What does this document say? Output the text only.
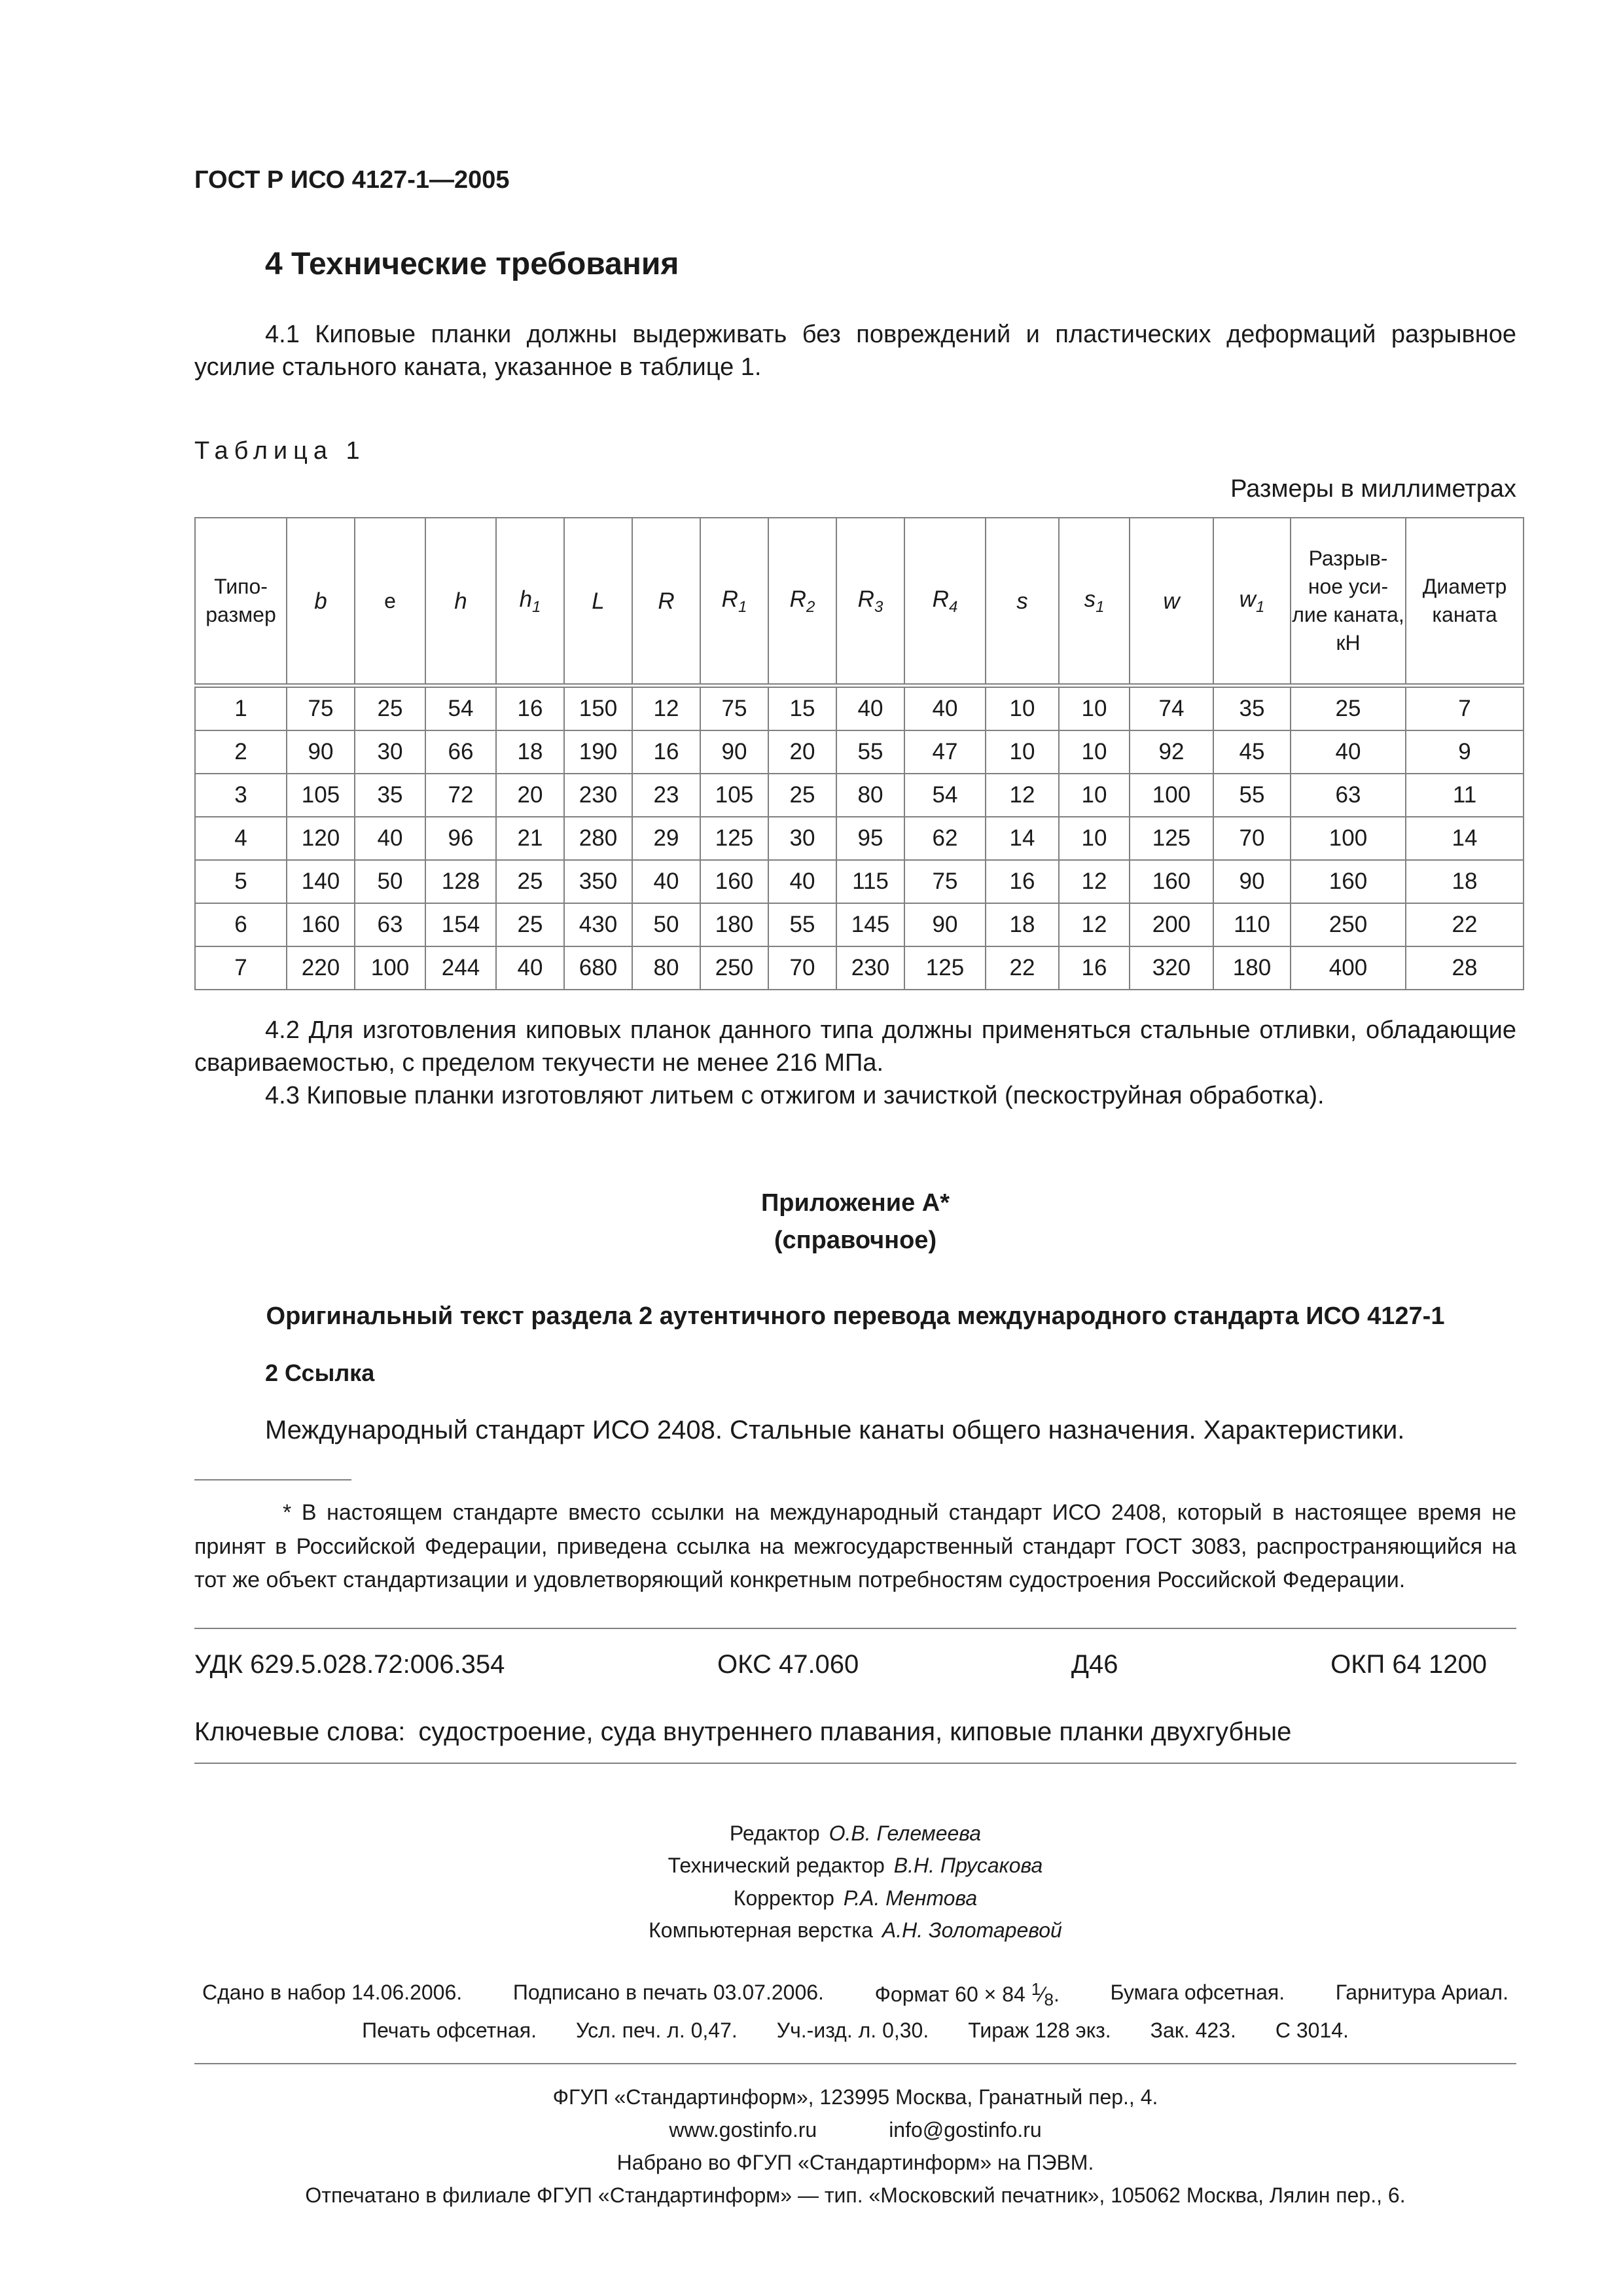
ГОСТ Р ИСО 4127-1—2005
4 Технические требования

4.1 Киповые планки должны выдерживать без повреждений и пластических деформаций разрывное усилие стального каната, указанное в таблице 1.

Таблица 1
Размеры в миллиметрах
Типо-размер	b	e	h	$h_1$	L	R	$R_1$	$R_2$	$R_3$	$R_4$	s	$s_1$	w	$w_1$	Разрыв-ное уси-лие каната, кН	Диаметр каната
1	75	25	54	16	150	12	75	15	40	40	10	10	74	35	25	7
2	90	30	66	18	190	16	90	20	55	47	10	10	92	45	40	9
3	105	35	72	20	230	23	105	25	80	54	12	10	100	55	63	11
4	120	40	96	21	280	29	125	30	95	62	14	10	125	70	100	14
5	140	50	128	25	350	40	160	40	115	75	16	12	160	90	160	18
6	160	63	154	25	430	50	180	55	145	90	18	12	200	110	250	22
7	220	100	244	40	680	80	250	70	230	125	22	16	320	180	400	28

4.2 Для изготовления киповых планок данного типа должны применяться стальные отливки, обладающие свариваемостью, с пределом текучести не менее 216 МПа.

4.3 Киповые планки изготовляют литьем с отжигом и зачисткой (пескоструйная обработка).

Приложение А*
(справочное)
Оригинальный текст раздела 2 аутентичного перевода международного стандарта ИСО 4127-1
2 Ссылка
Международный стандарт ИСО 2408. Стальные канаты общего назначения. Характеристики.

* В настоящем стандарте вместо ссылки на международный стандарт ИСО 2408, который в настоящее время не принят в Российской Федерации, приведена ссылка на межгосударственный стандарт ГОСТ 3083, распространяющийся на тот же объект стандартизации и удовлетворяющий конкретным потребностям судостроения Российской Федерации.

УДК 629.5.028.72:006.354	ОКС 47.060	Д46	ОКП 64 1200
Ключевые слова: судостроение, суда внутреннего плавания, киповые планки двухгубные
Редактор О.В. Гелемеева
Технический редактор В.Н. Прусакова
Корректор Р.А. Ментова
Компьютерная верстка А.Н. Золотаревой
Сдано в набор 14.06.2006. Подписано в печать 03.07.2006. Формат 60 × 84 $^1$⁄8. Бумага офсетная. Гарнитура Ариал.
Печать офсетная. Усл. печ. л. 0,47. Уч.-изд. л. 0,30. Тираж 128 экз. Зак. 423. С 3014.
ФГУП «Стандартинформ», 123995 Москва, Гранатный пер., 4.
www.gostinfo.ru	info@gostinfo.ru
Набрано во ФГУП «Стандартинформ» на ПЭВМ.
Отпечатано в филиале ФГУП «Стандартинформ» — тип. «Московский печатник», 105062 Москва, Лялин пер., 6.
